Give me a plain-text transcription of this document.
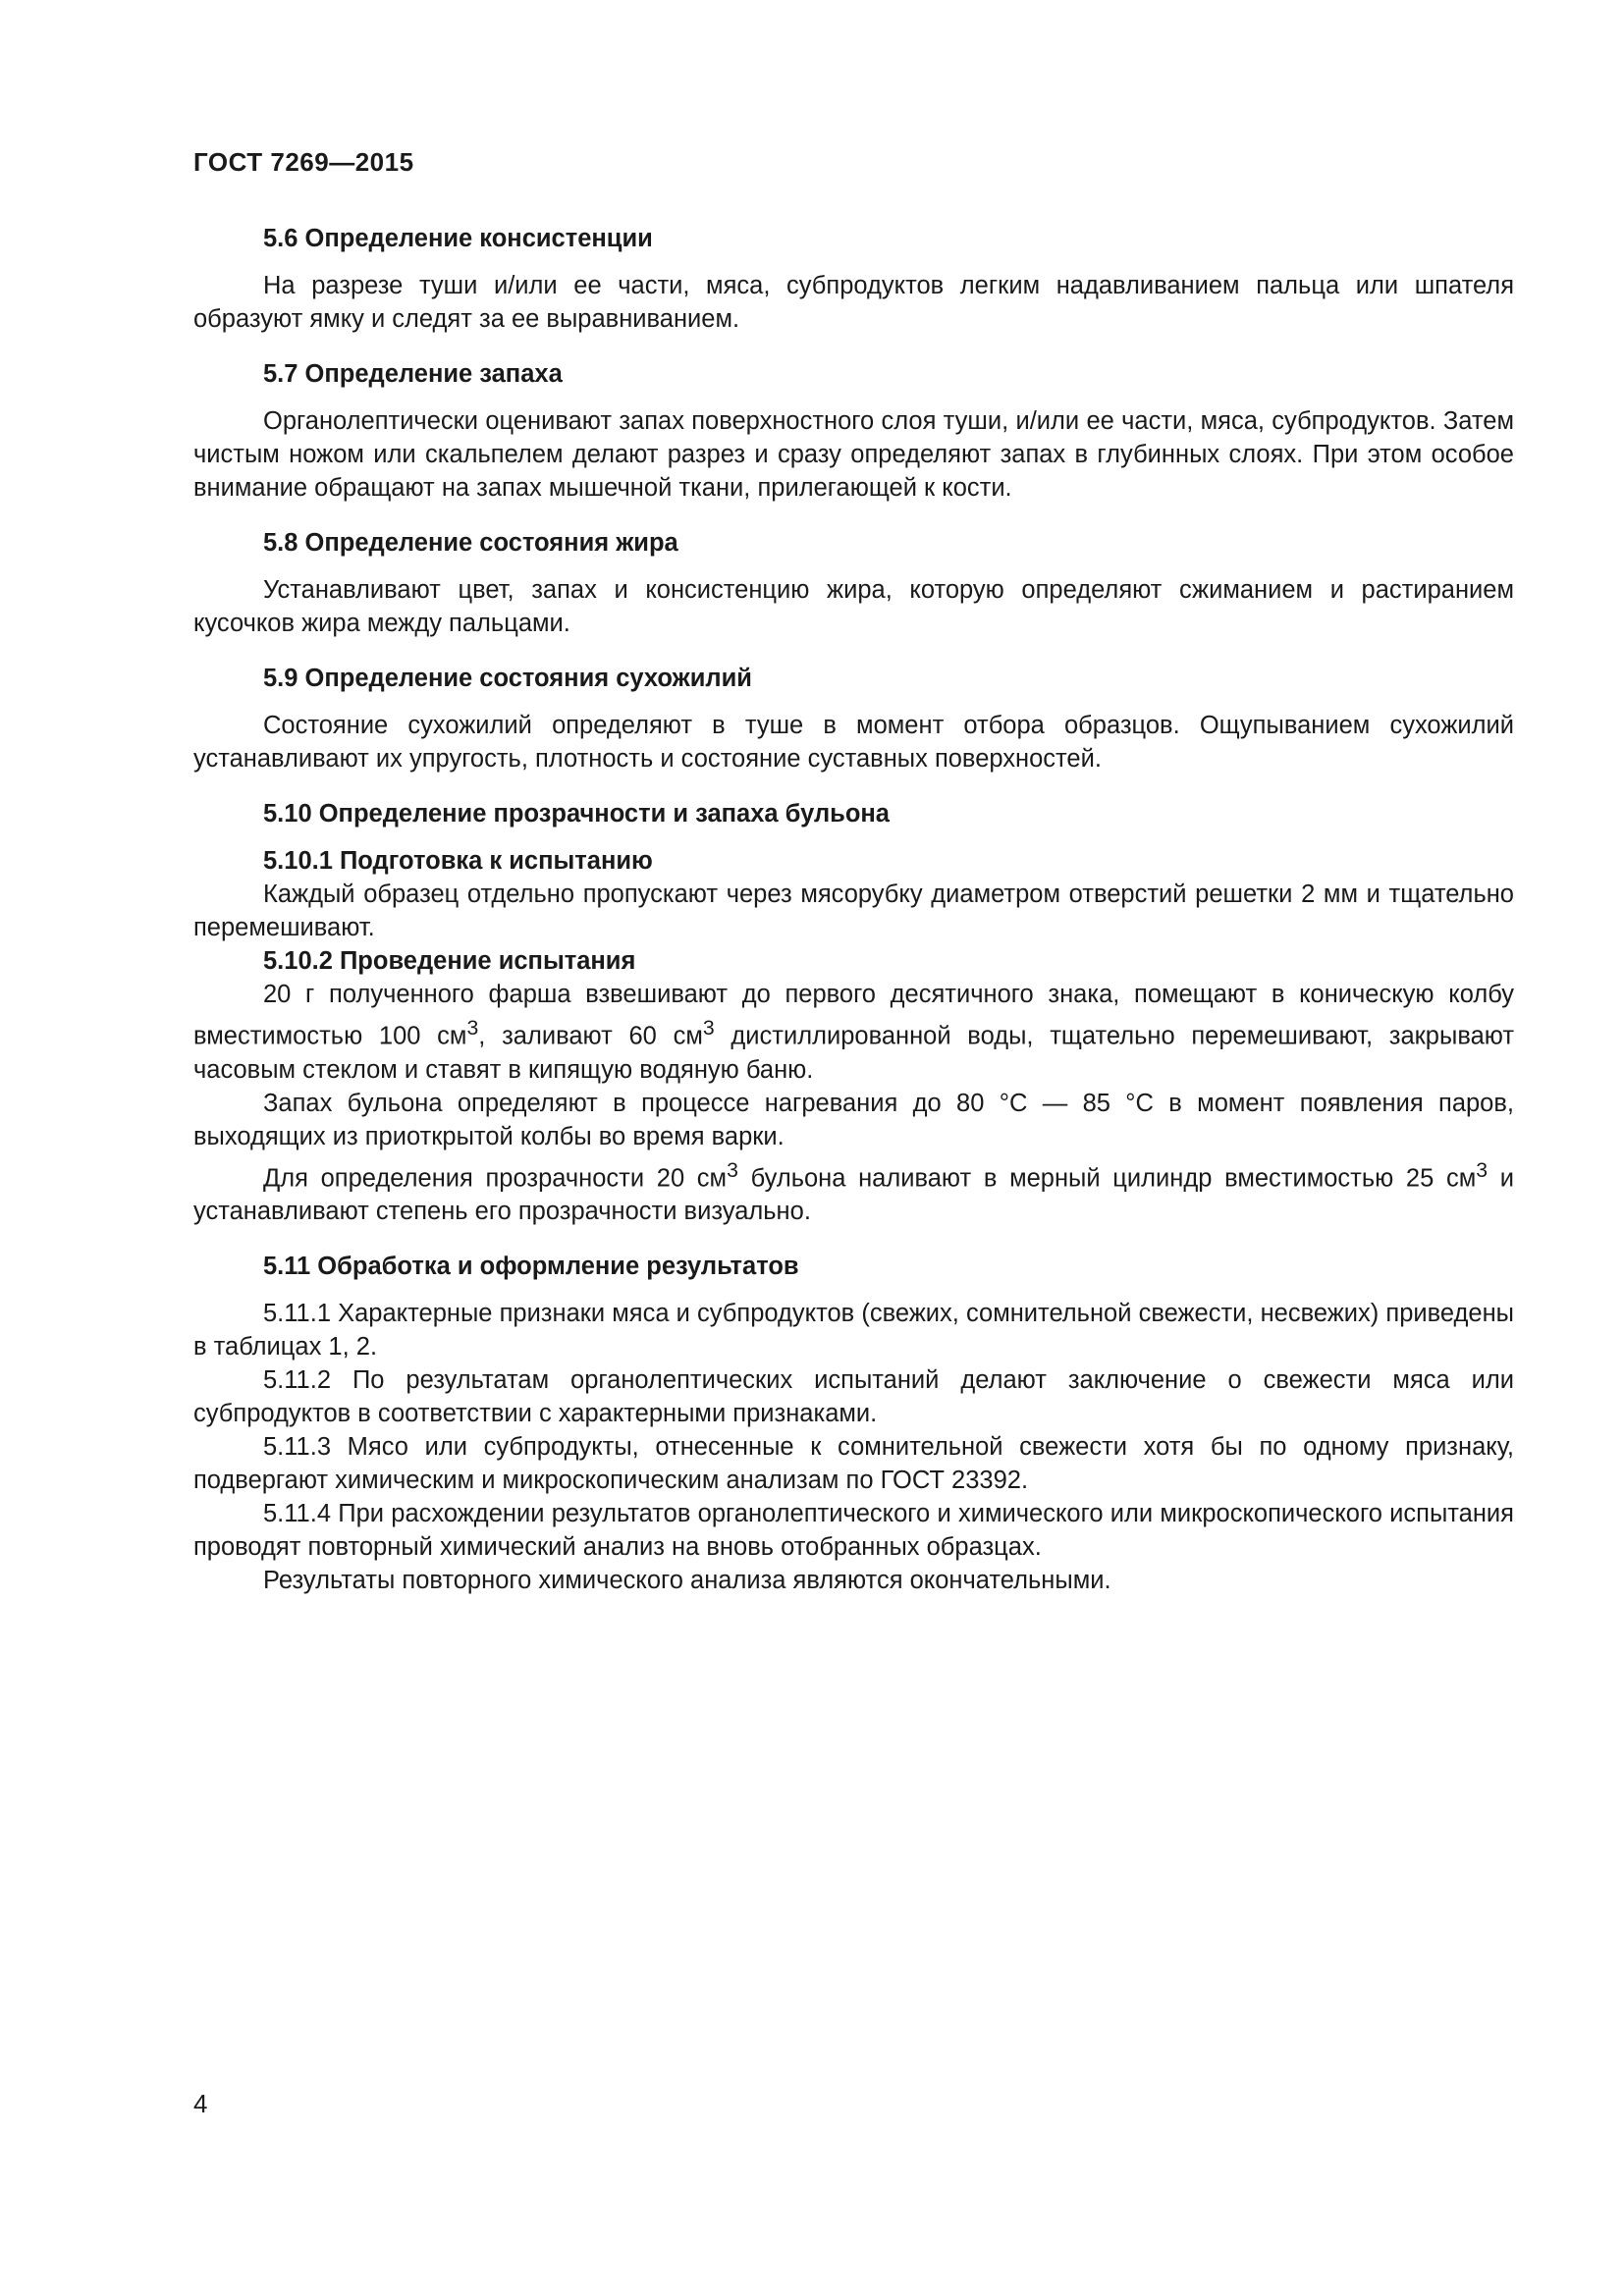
ГОСТ 7269—2015

5.6 Определение консистенции

На разрезе туши и/или ее части, мяса, субпродуктов легким надавливанием пальца или шпателя образуют ямку и следят за ее выравниванием.

5.7 Определение запаха

Органолептически оценивают запах поверхностного слоя туши, и/или ее части, мяса, субпродуктов. Затем чистым ножом или скальпелем делают разрез и сразу определяют запах в глубинных слоях. При этом особое внимание обращают на запах мышечной ткани, прилегающей к кости.

5.8 Определение состояния жира

Устанавливают цвет, запах и консистенцию жира, которую определяют сжиманием и растиранием кусочков жира между пальцами.

5.9 Определение состояния сухожилий

Состояние сухожилий определяют в туше в момент отбора образцов. Ощупыванием сухожилий устанавливают их упругость, плотность и состояние суставных поверхностей.

5.10 Определение прозрачности и запаха бульона

5.10.1 Подготовка к испытанию

Каждый образец отдельно пропускают через мясорубку диаметром отверстий решетки 2 мм и тщательно перемешивают.

5.10.2 Проведение испытания

20 г полученного фарша взвешивают до первого десятичного знака, помещают в коническую колбу вместимостью 100 $см^3$, заливают 60 $см^3$ дистиллированной воды, тщательно перемешивают, закрывают часовым стеклом и ставят в кипящую водяную баню.

Запах бульона определяют в процессе нагревания до 80 °С — 85 °С в момент появления паров, выходящих из приоткрытой колбы во время варки.

Для определения прозрачности 20 $см^3$ бульона наливают в мерный цилиндр вместимостью 25 $см^3$ и устанавливают степень его прозрачности визуально.

5.11 Обработка и оформление результатов

5.11.1 Характерные признаки мяса и субпродуктов (свежих, сомнительной свежести, несвежих) приведены в таблицах 1, 2.

5.11.2 По результатам органолептических испытаний делают заключение о свежести мяса или субпродуктов в соответствии с характерными признаками.

5.11.3 Мясо или субпродукты, отнесенные к сомнительной свежести хотя бы по одному признаку, подвергают химическим и микроскопическим анализам по ГОСТ 23392.

5.11.4 При расхождении результатов органолептического и химического или микроскопического испытания проводят повторный химический анализ на вновь отобранных образцах.

Результаты повторного химического анализа являются окончательными.

4
